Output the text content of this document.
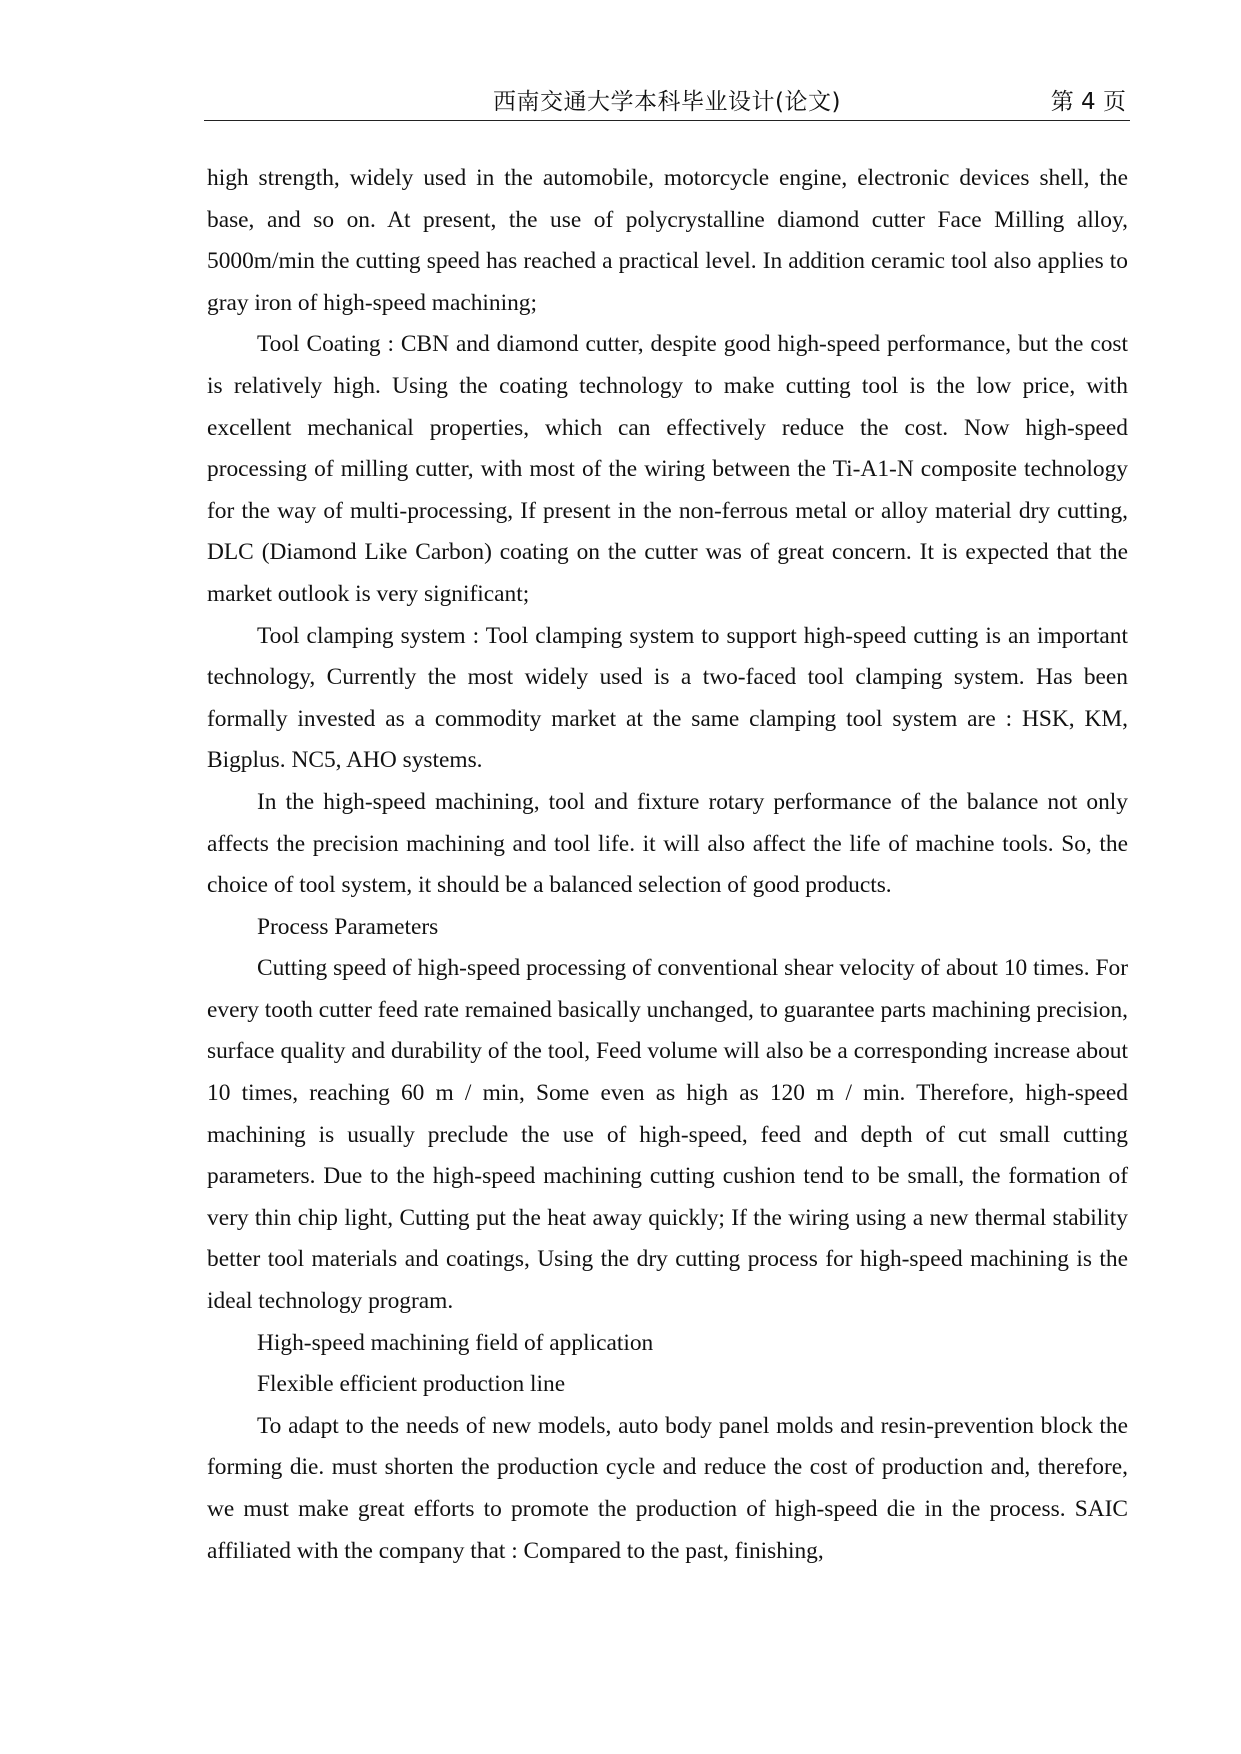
西南交通大学本科毕业设计(论文)	第 4 页

high strength, widely used in the automobile, motorcycle engine, electronic devices shell, the base, and so on. At present, the use of polycrystalline diamond cutter Face Milling alloy, 5000m/min the cutting speed has reached a practical level. In addition ceramic tool also applies to gray iron of high-speed machining;

Tool Coating : CBN and diamond cutter, despite good high-speed performance, but the cost is relatively high. Using the coating technology to make cutting tool is the low price, with excellent mechanical properties, which can effectively reduce the cost. Now high-speed processing of milling cutter, with most of the wiring between the Ti-A1-N composite technology for the way of multi-processing, If present in the non-ferrous metal or alloy material dry cutting, DLC (Diamond Like Carbon) coating on the cutter was of great concern. It is expected that the market outlook is very significant;

Tool clamping system : Tool clamping system to support high-speed cutting is an important technology, Currently the most widely used is a two-faced tool clamping system. Has been formally invested as a commodity market at the same clamping tool system are : HSK, KM, Bigplus. NC5, AHO systems.

In the high-speed machining, tool and fixture rotary performance of the balance not only affects the precision machining and tool life. it will also affect the life of machine tools. So, the choice of tool system, it should be a balanced selection of good products.

Process Parameters

Cutting speed of high-speed processing of conventional shear velocity of about 10 times. For every tooth cutter feed rate remained basically unchanged, to guarantee parts machining precision, surface quality and durability of the tool, Feed volume will also be a corresponding increase about 10 times, reaching 60 m / min, Some even as high as 120 m / min. Therefore, high-speed machining is usually preclude the use of high-speed, feed and depth of cut small cutting parameters. Due to the high-speed machining cutting cushion tend to be small, the formation of very thin chip light, Cutting put the heat away quickly; If the wiring using a new thermal stability better tool materials and coatings, Using the dry cutting process for high-speed machining is the ideal technology program.

High-speed machining field of application

Flexible efficient production line

To adapt to the needs of new models, auto body panel molds and resin-prevention block the forming die. must shorten the production cycle and reduce the cost of production and, therefore, we must make great efforts to promote the production of high-speed die in the process. SAIC affiliated with the company that : Compared to the past, finishing,
